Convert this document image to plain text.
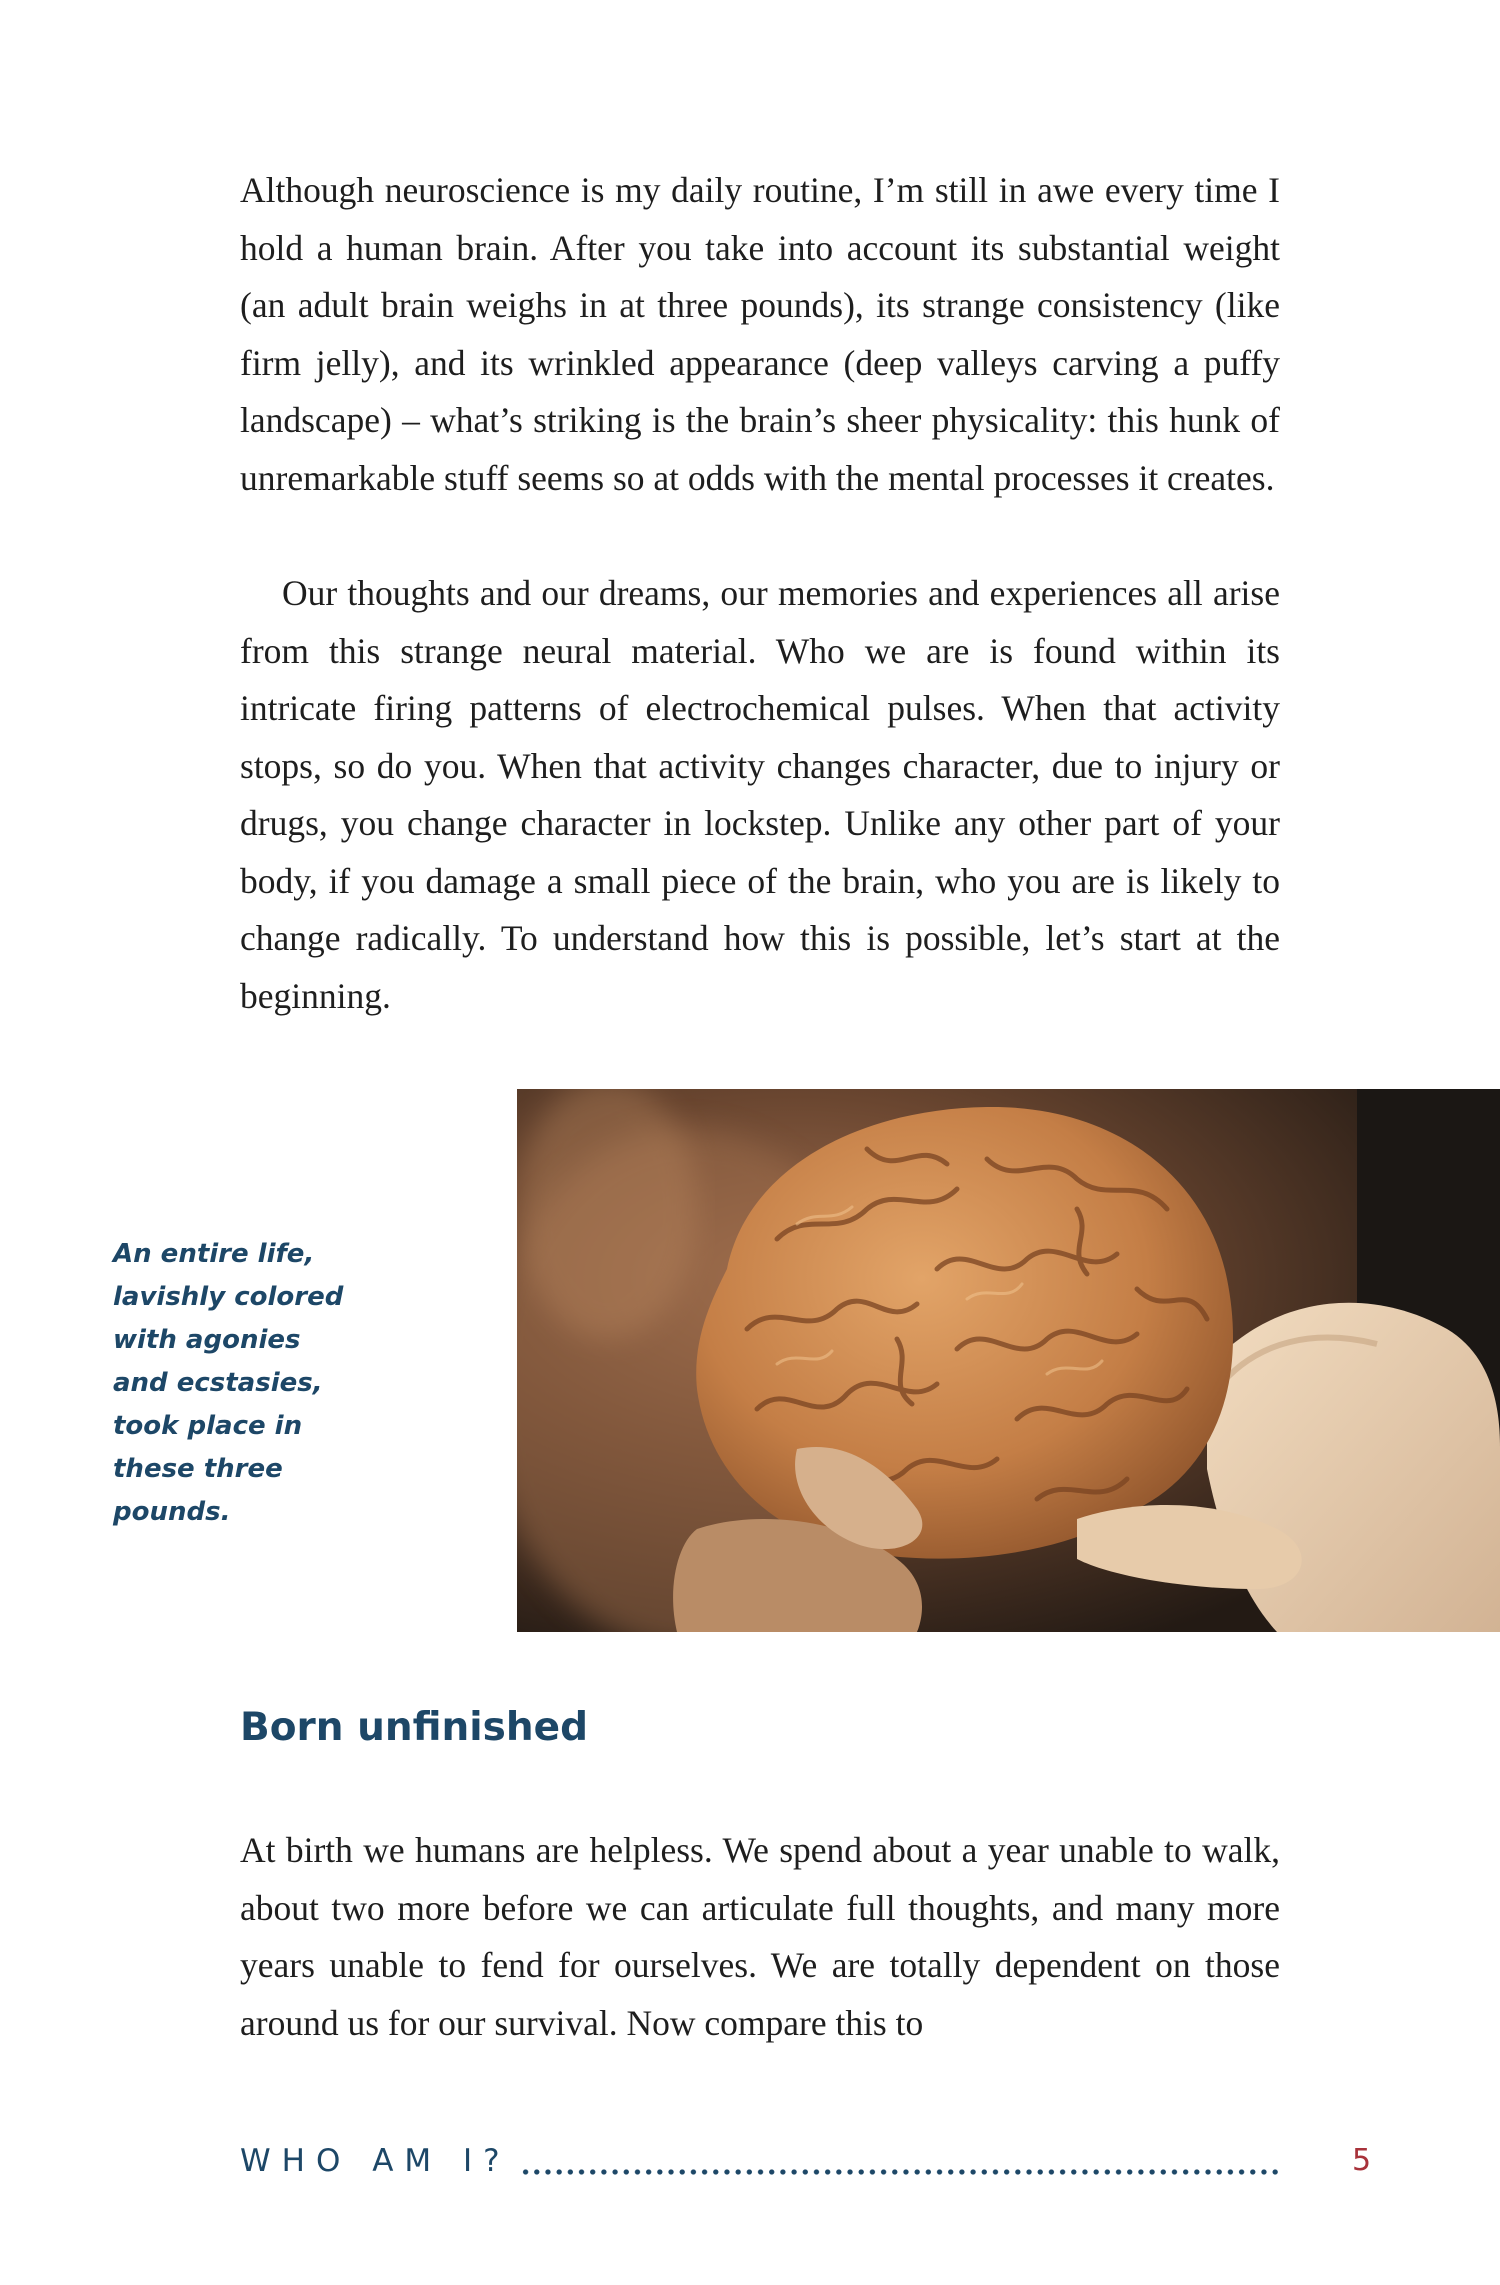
Although neuroscience is my daily routine, I’m still in awe every time I hold a human brain. After you take into account its substantial weight (an adult brain weighs in at three pounds), its strange consistency (like firm jelly), and its wrinkled appearance (deep valleys carving a puffy landscape) – what’s striking is the brain’s sheer physicality: this hunk of unremarkable stuff seems so at odds with the mental processes it creates.

Our thoughts and our dreams, our memories and experiences all arise from this strange neural material. Who we are is found within its intricate firing patterns of electrochemical pulses. When that activity stops, so do you. When that activity changes character, due to injury or drugs, you change character in lockstep. Unlike any other part of your body, if you damage a small piece of the brain, who you are is likely to change radically. To understand how this is possible, let’s start at the beginning.

An entire life, lavishly colored with agonies and ecstasies, took place in these three pounds.

Born unfinished

At birth we humans are helpless. We spend about a year unable to walk, about two more before we can articulate full thoughts, and many more years unable to fend for ourselves. We are totally dependent on those around us for our survival. Now compare this to

WHO AM I?	5
